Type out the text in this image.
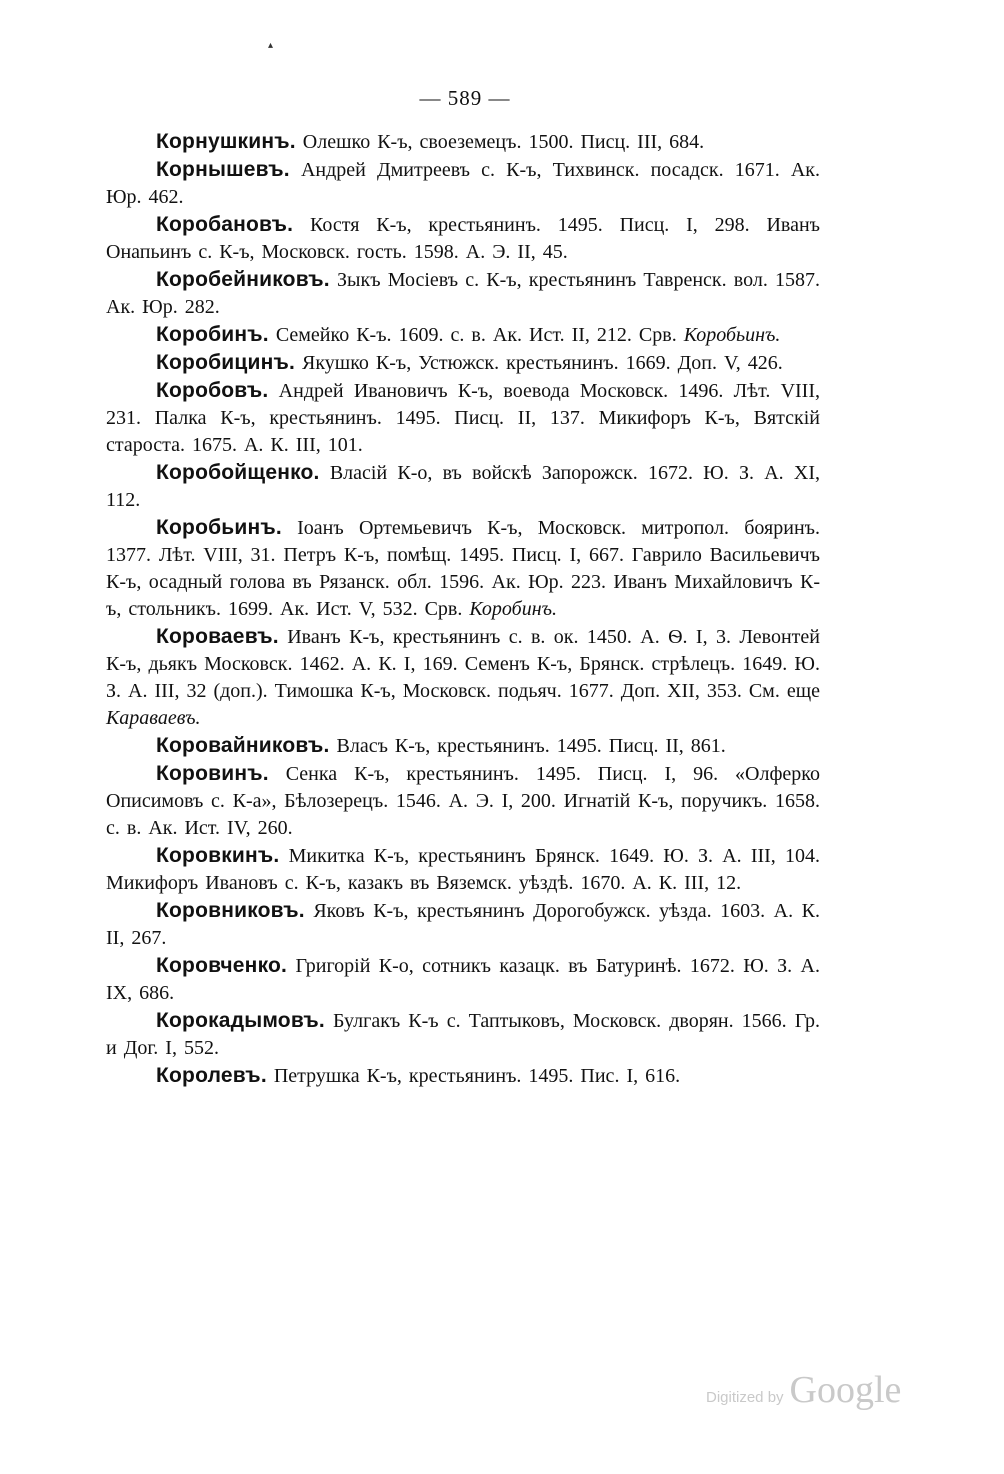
▴
— 589 —

Корнушкинъ. Олешко К-ъ, своеземецъ. 1500. Писц. III, 684.

Корнышевъ. Андрей Дмитреевъ с. К-ъ, Тихвинск. посадск. 1671. Ак. Юр. 462.

Коробановъ. Костя К-ъ, крестьянинъ. 1495. Писц. I, 298. Иванъ Онапьинъ с. К-ъ, Московск. гость. 1598. А. Э. II, 45.

Коробейниковъ. Зыкъ Мосіевъ с. К-ъ, крестьянинъ Тавренск. вол. 1587. Ак. Юр. 282.

Коробинъ. Семейко К-ъ. 1609. с. в. Ак. Ист. II, 212. Срв. Коробьинъ.

Коробицинъ. Якушко К-ъ, Устюжск. крестьянинъ. 1669. Доп. V, 426.

Коробовъ. Андрей Ивановичъ К-ъ, воевода Московск. 1496. Лѣт. VIII, 231. Палка К-ъ, крестьянинъ. 1495. Писц. II, 137. Микифоръ К-ъ, Вятскій староста. 1675. А. К. III, 101.

Коробойщенко. Власій К-о, въ войскѣ Запорожск. 1672. Ю. З. А. XI, 112.

Коробьинъ. Іоанъ Ортемьевичъ К-ъ, Московск. митропол. бояринъ. 1377. Лѣт. VIII, 31. Петръ К-ъ, помѣщ. 1495. Писц. I, 667. Гаврило Васильевичъ К-ъ, осадный голова въ Рязанск. обл. 1596. Ак. Юр. 223. Иванъ Михайловичъ К-ъ, стольникъ. 1699. Ак. Ист. V, 532. Срв. Коробинъ.

Короваевъ. Иванъ К-ъ, крестьянинъ с. в. ок. 1450. А. Ѳ. I, 3. Левонтей К-ъ, дьякъ Московск. 1462. А. К. I, 169. Семенъ К-ъ, Брянск. стрѣлецъ. 1649. Ю. З. А. III, 32 (доп.). Тимошка К-ъ, Московск. подьяч. 1677. Доп. XII, 353. См. еще Караваевъ.

Коровайниковъ. Власъ К-ъ, крестьянинъ. 1495. Писц. II, 861.

Коровинъ. Сенка К-ъ, крестьянинъ. 1495. Писц. I, 96. «Олферко Описимовъ с. К-а», Бѣлозерецъ. 1546. А. Э. I, 200. Игнатій К-ъ, поручикъ. 1658. с. в. Ак. Ист. IV, 260.

Коровкинъ. Микитка К-ъ, крестьянинъ Брянск. 1649. Ю. З. А. III, 104. Микифоръ Ивановъ с. К-ъ, казакъ въ Вяземск. уѣздѣ. 1670. А. К. III, 12.

Коровниковъ. Яковъ К-ъ, крестьянинъ Дорогобужск. уѣзда. 1603. А. К. II, 267.

Коровченко. Григорій К-о, сотникъ казацк. въ Батуринѣ. 1672. Ю. З. А. IX, 686.

Корокадымовъ. Булгакъ К-ъ с. Таптыковъ, Московск. дворян. 1566. Гр. и Дог. I, 552.

Королевъ. Петрушка К-ъ, крестьянинъ. 1495. Пис. I, 616.

Digitized by Google
